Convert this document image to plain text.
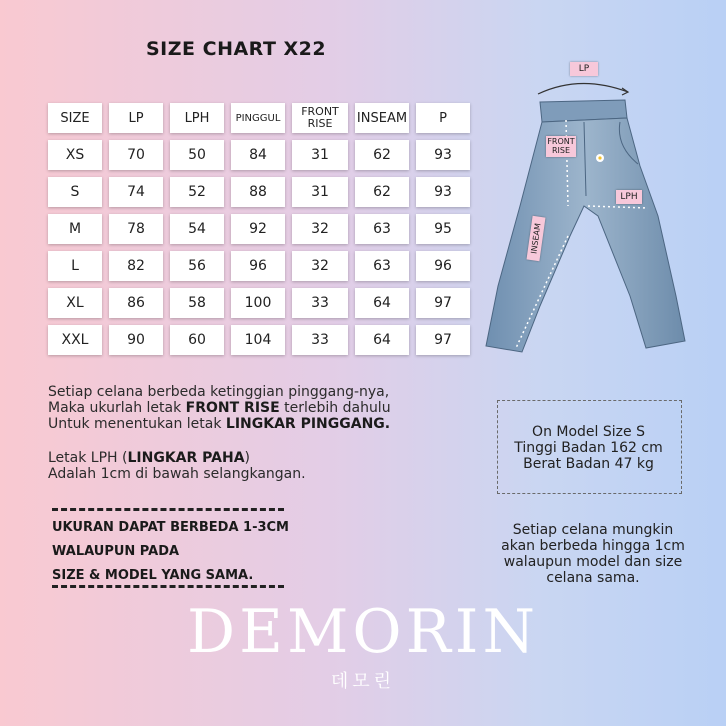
SIZE CHART X22
SIZE	LP	LPH	PINGGUL	FRONT RISE	INSEAM	P
XS	70	50	84	31	62	93
S	74	52	88	31	62	93
M	78	54	92	32	63	95
L	82	56	96	32	63	96
XL	86	58	100	33	64	97
XXL	90	60	104	33	64	97
LP
FRONT
RISE
LPH
INSEAM
Setiap celana berbeda ketinggian pinggang-nya,
Maka ukurlah letak FRONT RISE terlebih dahulu
Untuk menentukan letak LINGKAR PINGGANG.
Letak LPH (LINGKAR PAHA)
Adalah 1cm di bawah selangkangan.
UKURAN DAPAT BERBEDA 1-3CM
WALAUPUN PADA
SIZE & MODEL YANG SAMA.
On Model Size S
Tinggi Badan 162 cm
Berat Badan 47 kg
Setiap celana mungkin
akan berbeda hingga 1cm
walaupun model dan size
celana sama.
DEMORIN
데모린
